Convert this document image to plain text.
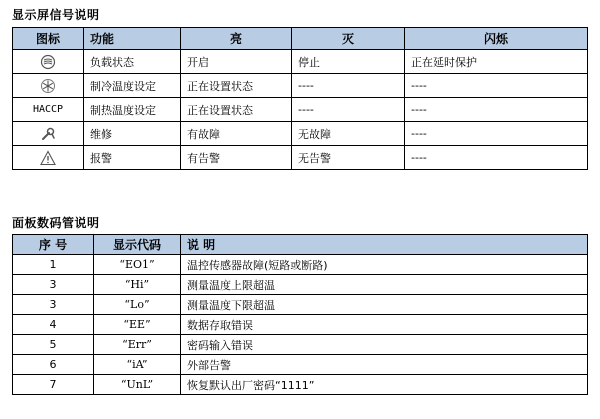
显示屏信号说明
图标	功能	亮	灭	闪烁

	负载状态	开启	停止	正在延时保护

	制冷温度设定	正在设置状态	----	----
HACCP	制热温度设定	正在设置状态	----	----

	维修	有故障	无故障	----

	报警	有告警	无告警	----
面板数码管说明
序 号	显示代码	说 明
1	“EO1”	温控传感器故障(短路或断路)
3	“Hi”	测量温度上限超温
3	“Lo”	测量温度下限超温
4	“EE”	数据存取错误
5	“Err”	密码输入错误
6	“iA”	外部告警
7	“UnL”	恢复默认出厂密码“1111”
